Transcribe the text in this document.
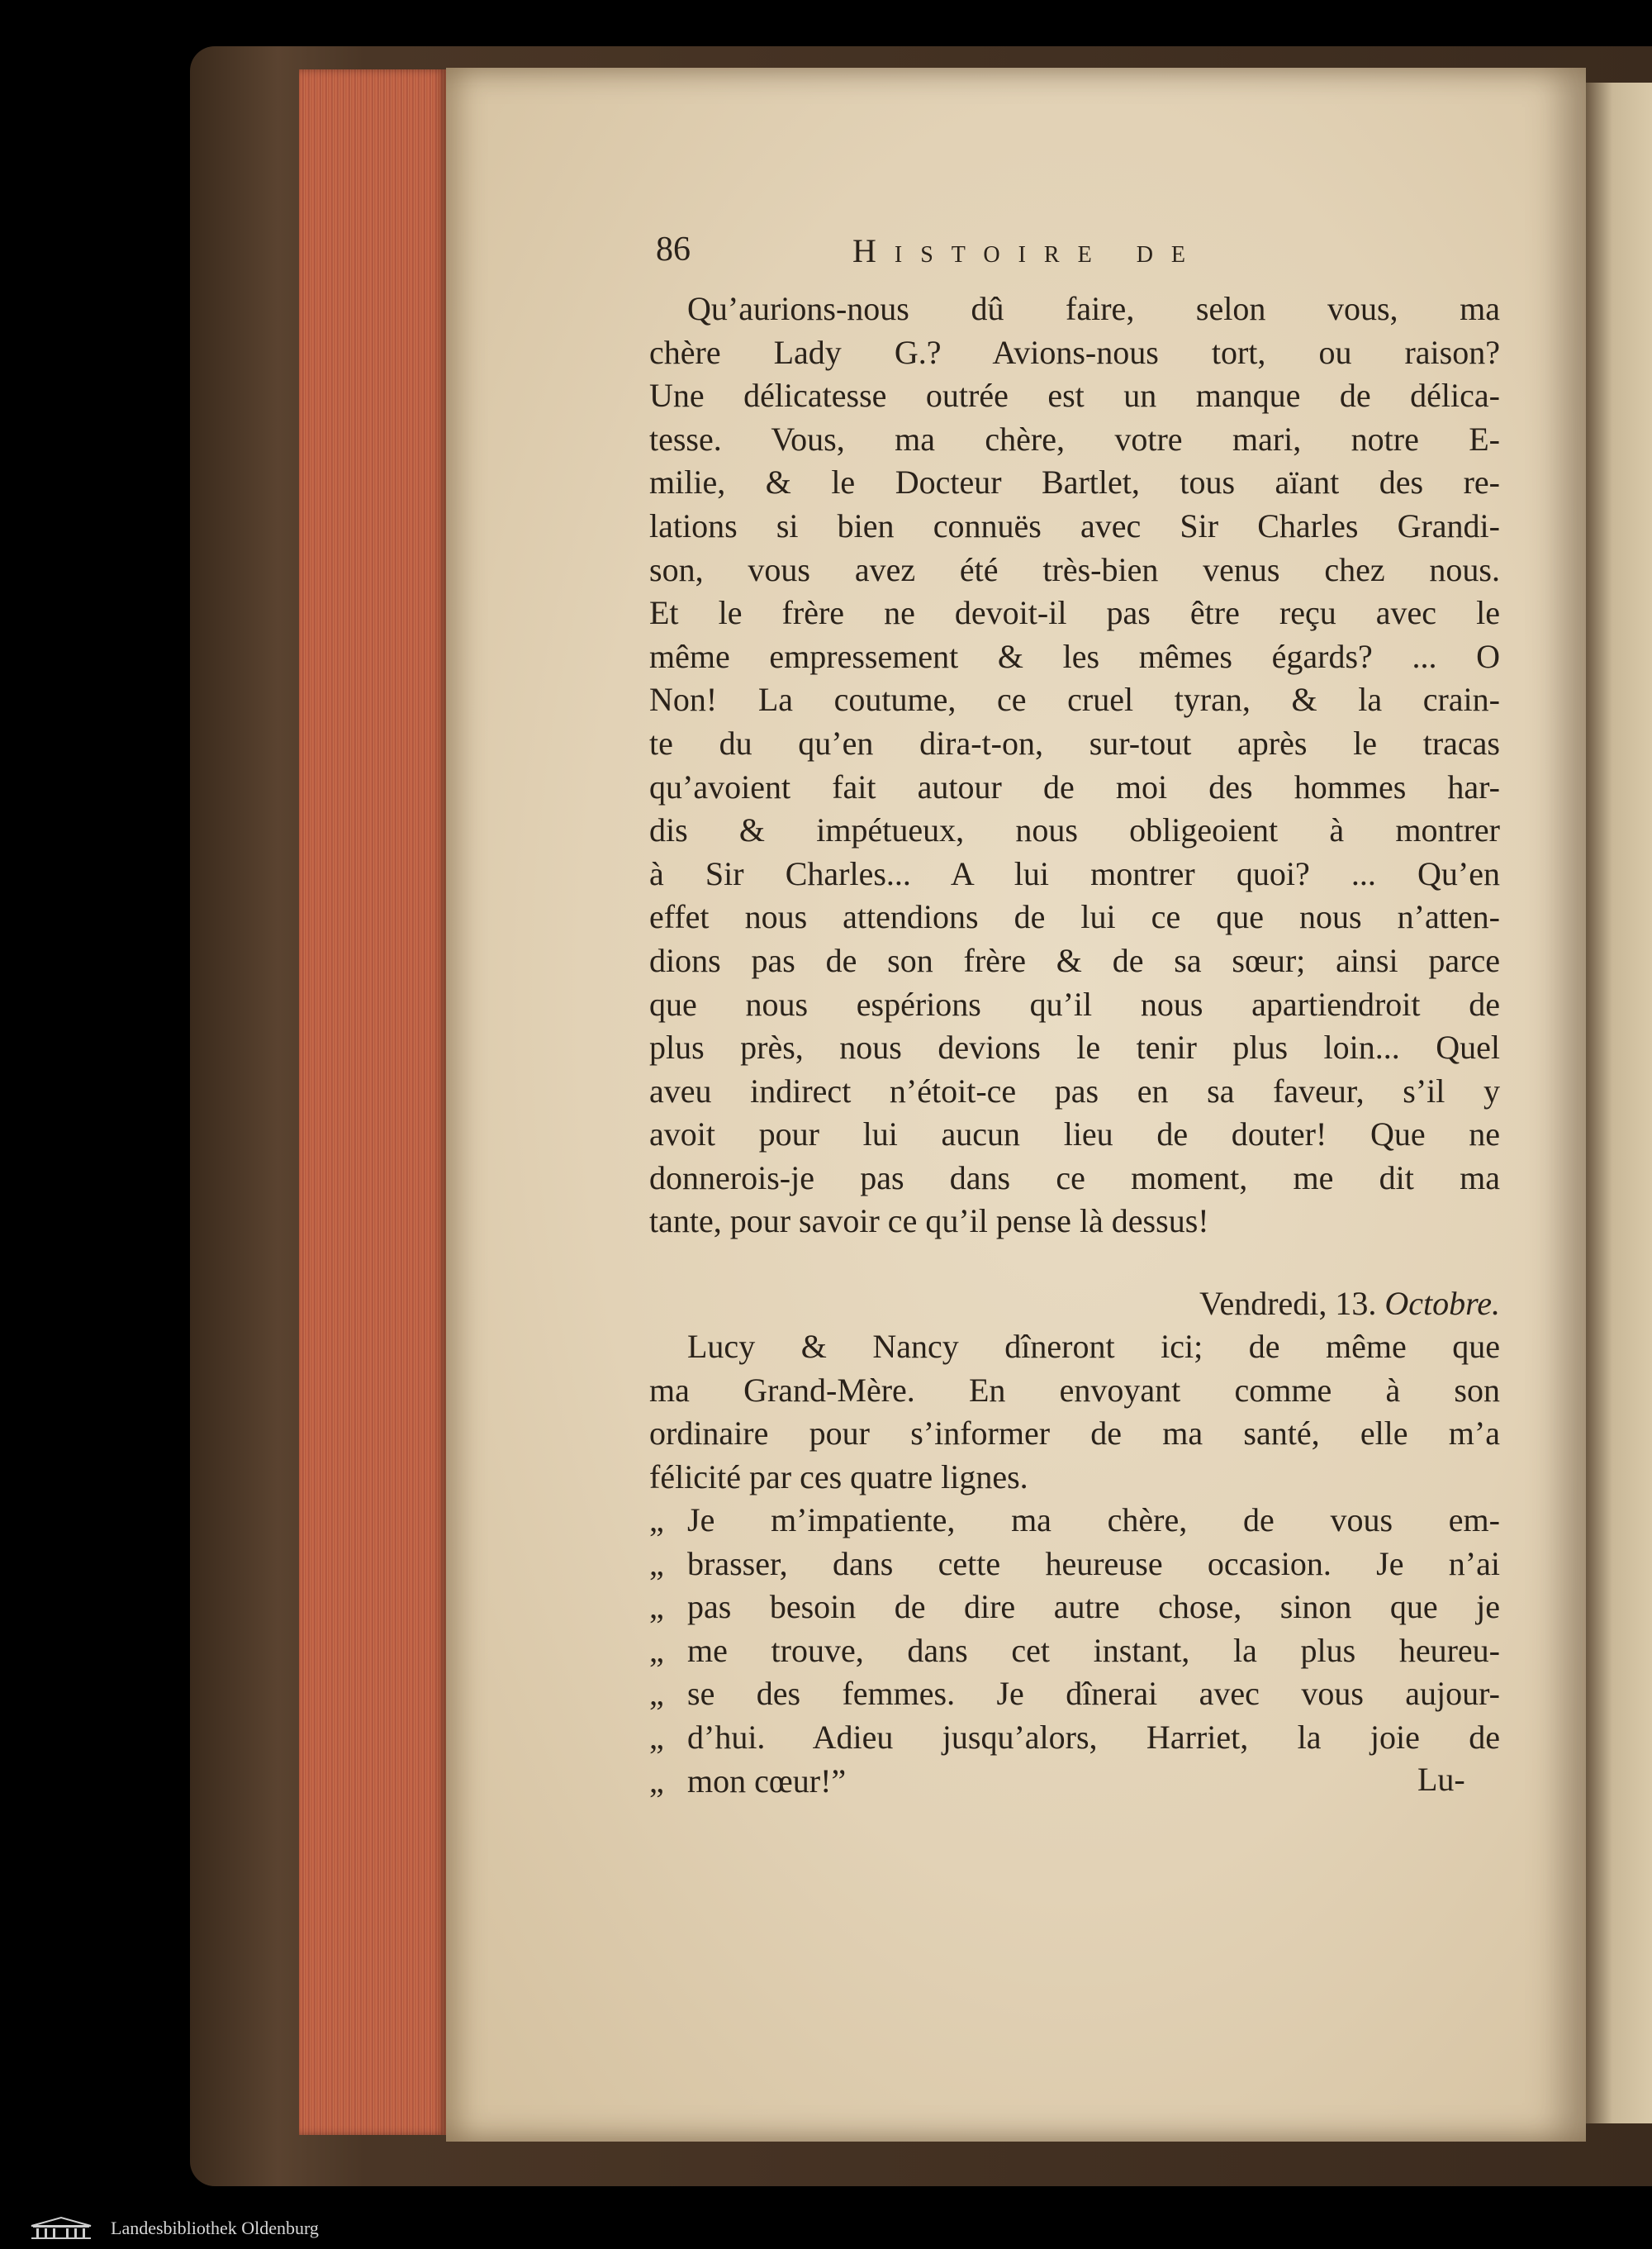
86	Histoire de
Qu’aurions-nous dû faire, selon vous, ma
chère Lady G.? Avions-nous tort, ou raison?
Une délicatesse outrée est un manque de délica-
tesse. Vous, ma chère, votre mari, notre E-
milie, & le Docteur Bartlet, tous aïant des re-
lations si bien connuës avec Sir Charles Grandi-
son, vous avez été très-bien venus chez nous.
Et le frère ne devoit-il pas être reçu avec le
même empressement & les mêmes égards? ... O
Non! La coutume, ce cruel tyran, & la crain-
te du qu’en dira-t-on, sur-tout après le tracas
qu’avoient fait autour de moi des hommes har-
dis & impétueux, nous obligeoient à montrer
à Sir Charles... A lui montrer quoi? ... Qu’en
effet nous attendions de lui ce que nous n’atten-
dions pas de son frère & de sa sœur; ainsi parce
que nous espérions qu’il nous apartiendroit de
plus près, nous devions le tenir plus loin... Quel
aveu indirect n’étoit-ce pas en sa faveur, s’il y
avoit pour lui aucun lieu de douter! Que ne
donnerois-je pas dans ce moment, me dit ma
tante, pour savoir ce qu’il pense là dessus!
Vendredi, 13. Octobre.
Lucy & Nancy dîneront ici; de même que
ma Grand-Mère. En envoyant comme à son
ordinaire pour s’informer de ma santé, elle m’a
félicité par ces quatre lignes.
„ Je m’impatiente, ma chère, de vous em-
„ brasser, dans cette heureuse occasion. Je n’ai
„ pas besoin de dire autre chose, sinon que je
„ me trouve, dans cet instant, la plus heureu-
„ se des femmes. Je dînerai avec vous aujour-
„ d’hui. Adieu jusqu’alors, Harriet, la joie de
„ mon cœur!”	Lu-
Landesbibliothek Oldenburg
